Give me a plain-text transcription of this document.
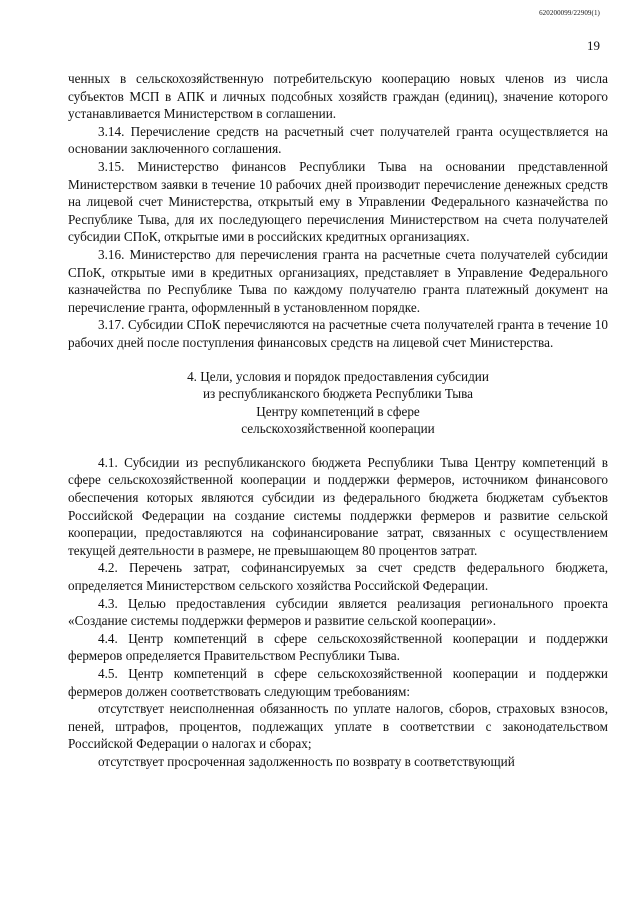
620200099/22909(1)
19

ченных в сельскохозяйственную потребительскую кооперацию новых членов из числа субъектов МСП в АПК и личных подсобных хозяйств граждан (единиц), значение которого устанавливается Министерством в соглашении.

3.14. Перечисление средств на расчетный счет получателей гранта осуществляется на основании заключенного соглашения.

3.15. Министерство финансов Республики Тыва на основании представленной Министерством заявки в течение 10 рабочих дней производит перечисление денежных средств на лицевой счет Министерства, открытый ему в Управлении Федерального казначейства по Республике Тыва, для их последующего перечисления Министерством на счета получателей субсидии СПоК, открытые ими в российских кредитных организациях.

3.16. Министерство для перечисления гранта на расчетные счета получателей субсидии СПоК, открытые ими в кредитных организациях, представляет в Управление Федерального казначейства по Республике Тыва по каждому получателю гранта платежный документ на перечисление гранта, оформленный в установленном порядке.

3.17. Субсидии СПоК перечисляются на расчетные счета получателей гранта в течение 10 рабочих дней после поступления финансовых средств на лицевой счет Министерства.

4. Цели, условия и порядок предоставления субсидии
из республиканского бюджета Республики Тыва
Центру компетенций в сфере
сельскохозяйственной кооперации

4.1. Субсидии из республиканского бюджета Республики Тыва Центру компетенций в сфере сельскохозяйственной кооперации и поддержки фермеров, источником финансового обеспечения которых являются субсидии из федерального бюджета бюджетам субъектов Российской Федерации на создание системы поддержки фермеров и развитие сельской кооперации, предоставляются на софинансирование затрат, связанных с осуществлением текущей деятельности в размере, не превышающем 80 процентов затрат.

4.2. Перечень затрат, софинансируемых за счет средств федерального бюджета, определяется Министерством сельского хозяйства Российской Федерации.

4.3. Целью предоставления субсидии является реализация регионального проекта «Создание системы поддержки фермеров и развитие сельской кооперации».

4.4. Центр компетенций в сфере сельскохозяйственной кооперации и поддержки фермеров определяется Правительством Республики Тыва.

4.5. Центр компетенций в сфере сельскохозяйственной кооперации и поддержки фермеров должен соответствовать следующим требованиям:

отсутствует неисполненная обязанность по уплате налогов, сборов, страховых взносов, пеней, штрафов, процентов, подлежащих уплате в соответствии с законодательством Российской Федерации о налогах и сборах;

отсутствует просроченная задолженность по возврату в соответствующий
